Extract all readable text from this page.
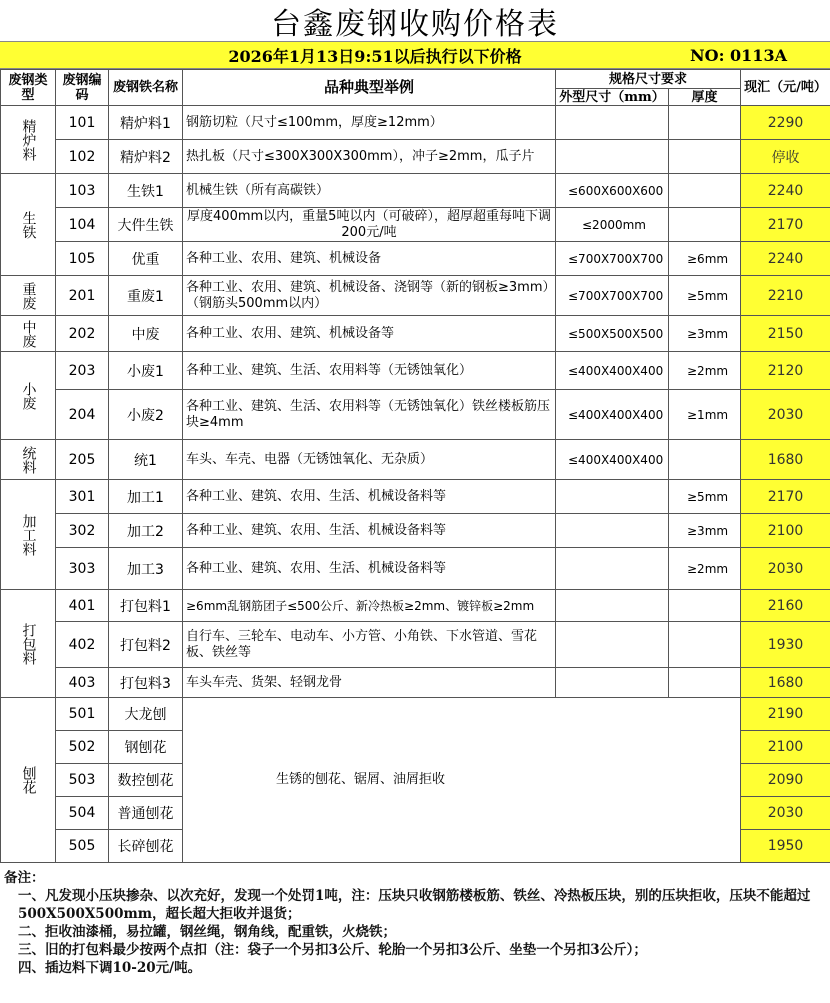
台鑫废钢收购价格表
2026年1月13日9:51以后执行以下价格	NO: 0113A
废钢类型	废钢编码	废钢铁名称	品种典型举例	规格尺寸要求		现汇（元/吨）
				外型尺寸（mm）	厚度	
精炉料	101	精炉料1	钢筋切粒（尺寸≤100mm，厚度≥12mm）			2290
	102	精炉料2	热扎板（尺寸≤300X300X300mm），冲子≥2mm，瓜子片			停收
生铁	103	生铁1	机械生铁（所有高碳铁）	≤600X600X600		2240
	104	大件生铁	厚度400mm以内，重量5吨以内（可破碎），超厚超重每吨下调200元/吨	≤2000mm		2170
	105	优重	各种工业、农用、建筑、机械设备	≤700X700X700	≥6mm	2240
重废	201	重废1	各种工业、农用、建筑、机械设备、浇钢等（新的钢板≥3mm）（钢筋头500mm以内）	≤700X700X700	≥5mm	2210
中废	202	中废	各种工业、农用、建筑、机械设备等	≤500X500X500	≥3mm	2150
小废	203	小废1	各种工业、建筑、生活、农用料等（无锈蚀氧化）	≤400X400X400	≥2mm	2120
	204	小废2	各种工业、建筑、生活、农用料等（无锈蚀氧化）铁丝楼板筋压块≥4mm	≤400X400X400	≥1mm	2030
统料	205	统1	车头、车壳、电器（无锈蚀氧化、无杂质）	≤400X400X400		1680
加工料	301	加工1	各种工业、建筑、农用、生活、机械设备料等		≥5mm	2170
	302	加工2	各种工业、建筑、农用、生活、机械设备料等		≥3mm	2100
	303	加工3	各种工业、建筑、农用、生活、机械设备料等		≥2mm	2030
打包料	401	打包料1	≥6mm乱钢筋团子≤500公斤、新冷热板≥2mm、镀锌板≥2mm			2160
	402	打包料2	自行车、三轮车、电动车、小方管、小角铁、下水管道、雪花板、铁丝等			1930
	403	打包料3	车头车壳、货架、轻钢龙骨			1680
刨花	501	大龙刨	生锈的刨花、锯屑、油屑拒收			2190
	502	钢刨花				2100
	503	数控刨花				2090
	504	普通刨花				2030
	505	长碎刨花				1950
备注：
一、凡发现小压块掺杂、以次充好，发现一个处罚1吨，注：压块只收钢筋楼板筋、铁丝、冷热板压块，别的压块拒收，压块不能超过500X500X500mm，超长超大拒收并退货；
二、拒收油漆桶，易拉罐，钢丝绳，钢角线，配重铁，火烧铁；
三、旧的打包料最少按两个点扣（注：袋子一个另扣3公斤、轮胎一个另扣3公斤、坐垫一个另扣3公斤）；
四、插边料下调10-20元/吨。
